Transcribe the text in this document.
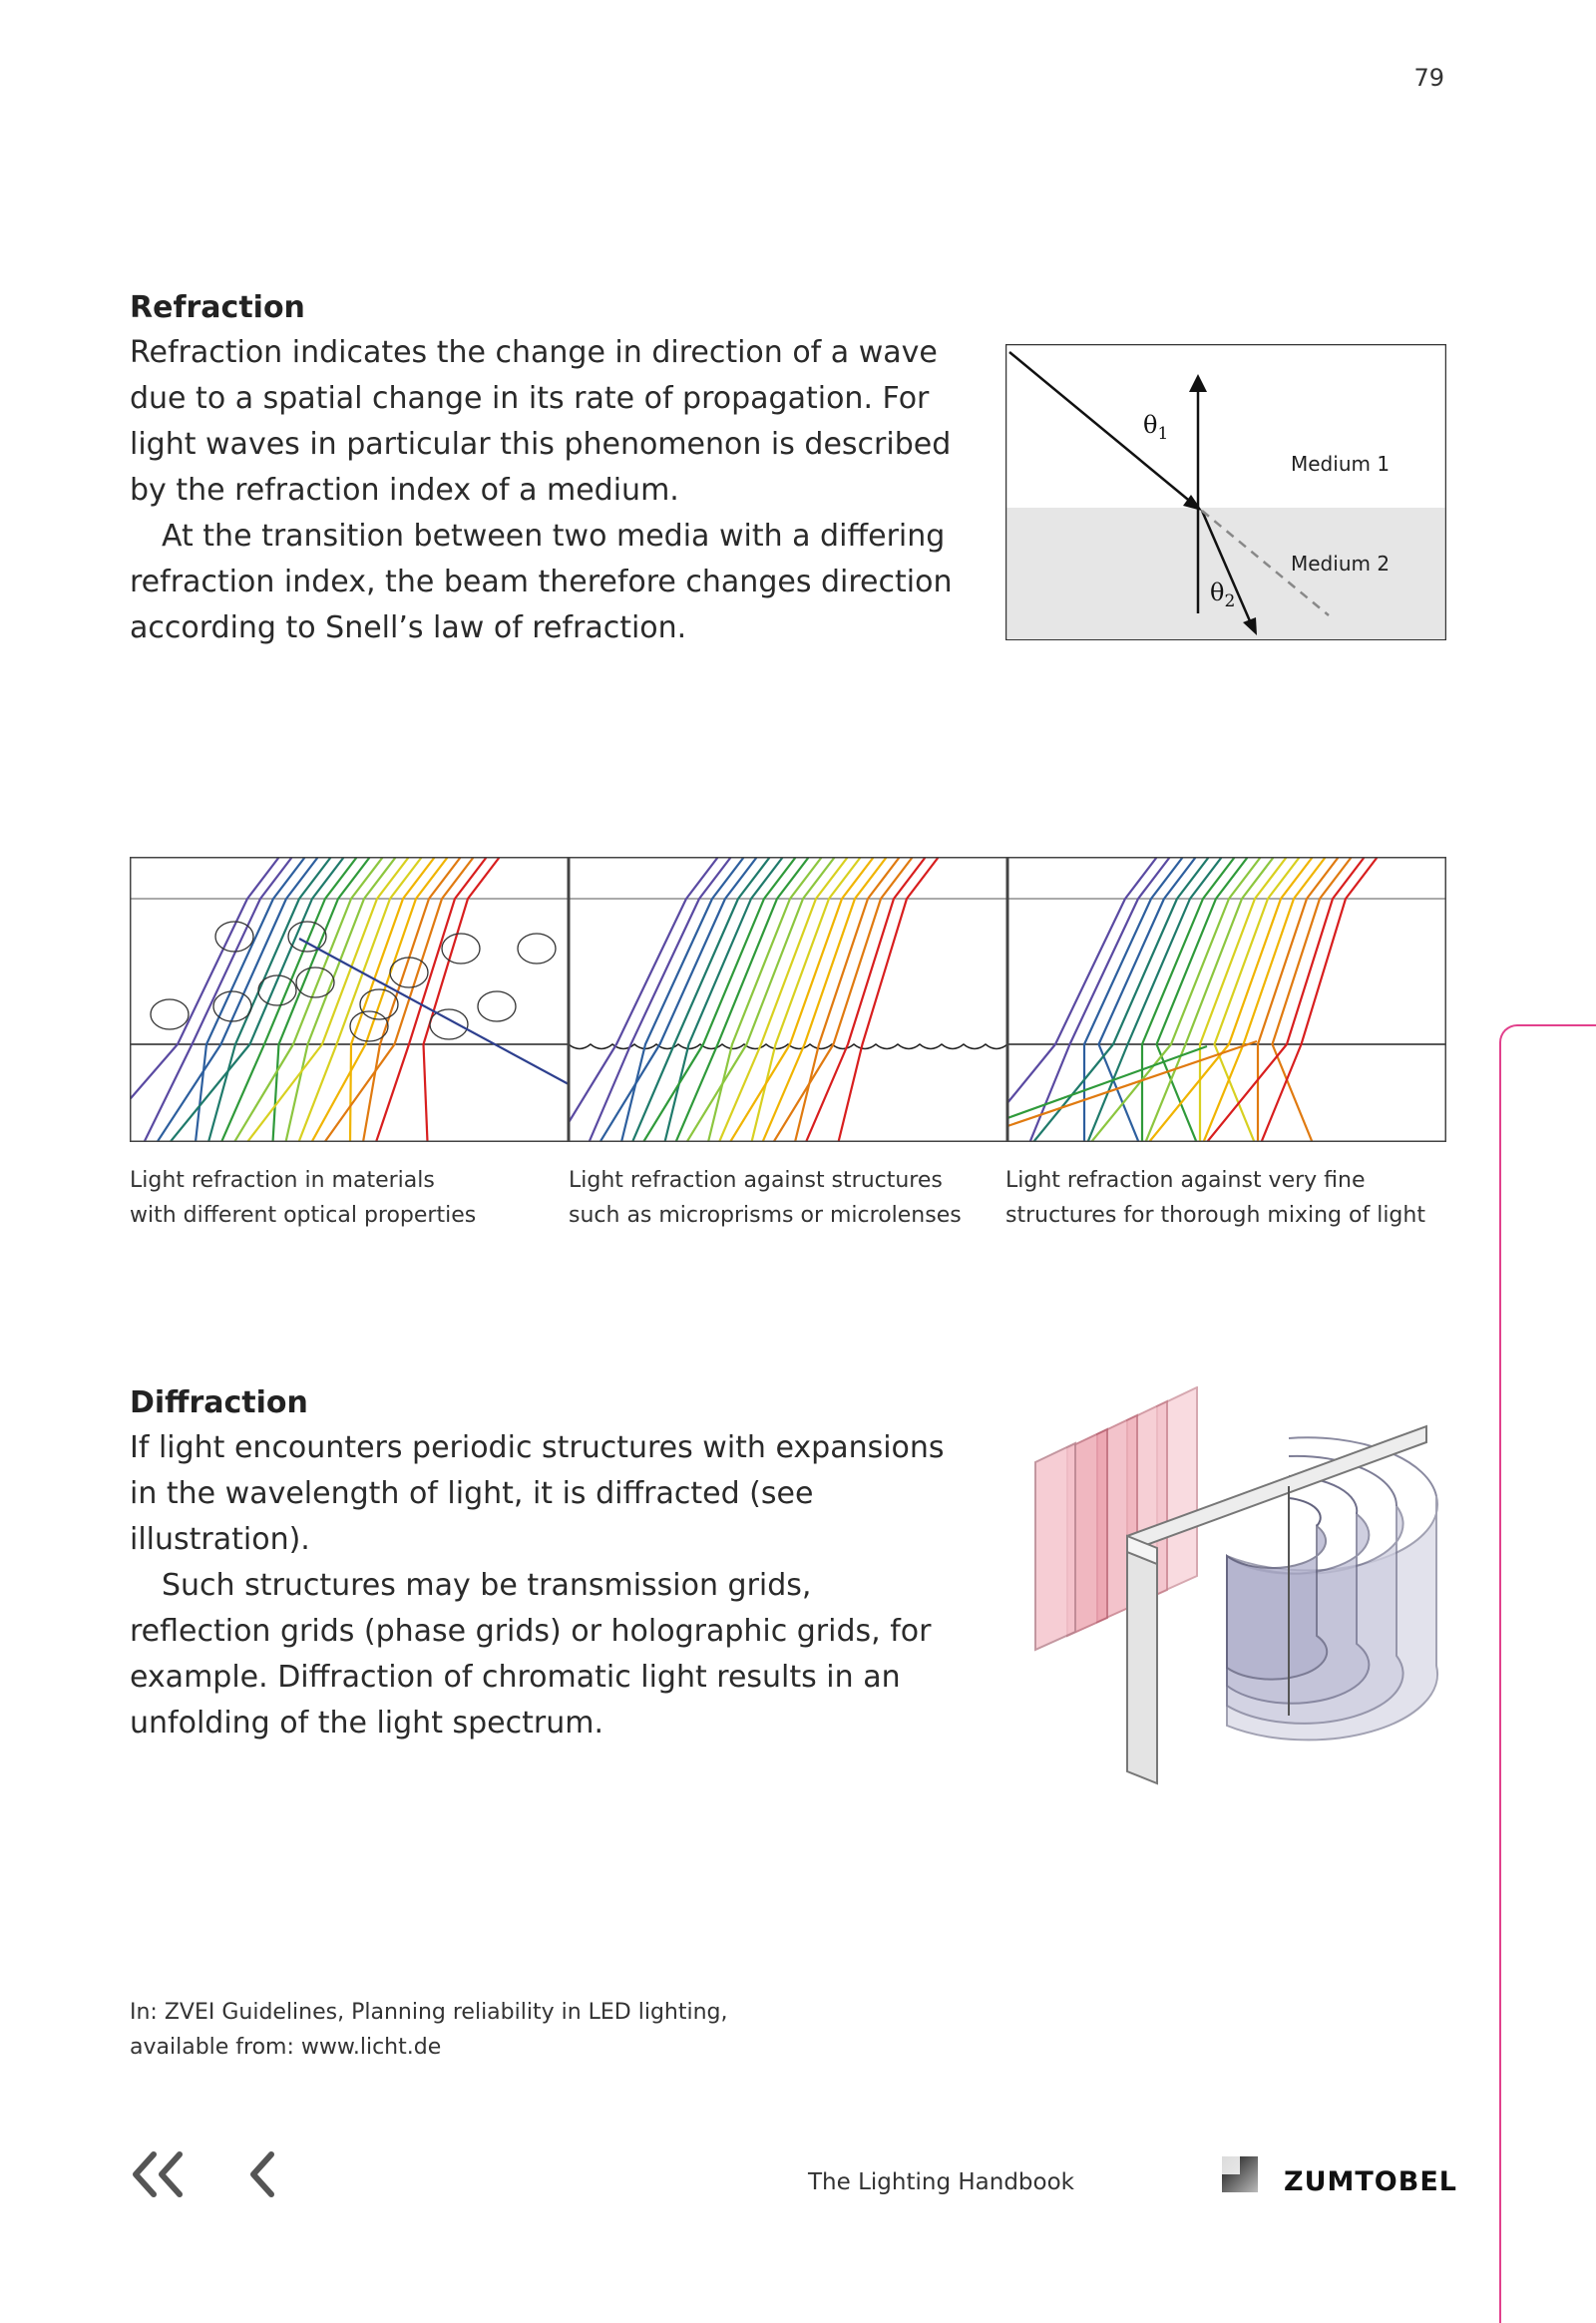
79
Refraction

Refraction indicates the change in direction of a wave due to a spatial change in its rate of propagation. For light waves in particular this phenomenon is described by the refraction index of a medium.

At the transition between two media with a differing refraction index, the beam therefore changes direction according to Snell’s law of refraction.

$\theta_1$
$\theta_2$
Medium 1
Medium 2
Light refraction in materials
with different optical properties
Light refraction against structures
such as microprisms or microlenses
Light refraction against very fine
structures for thorough mixing of light
Diffraction

If light encounters periodic structures with expansions in the wavelength of light, it is diffracted (see illustration).

Such structures may be transmission grids, reflection grids (phase grids) or holographic grids, for example. Diffraction of chromatic light results in an unfolding of the light spectrum.

In: ZVEI Guidelines, Planning reliability in LED lighting,
available from: www.licht.de
The Lighting Handbook	ZUMTOBEL
